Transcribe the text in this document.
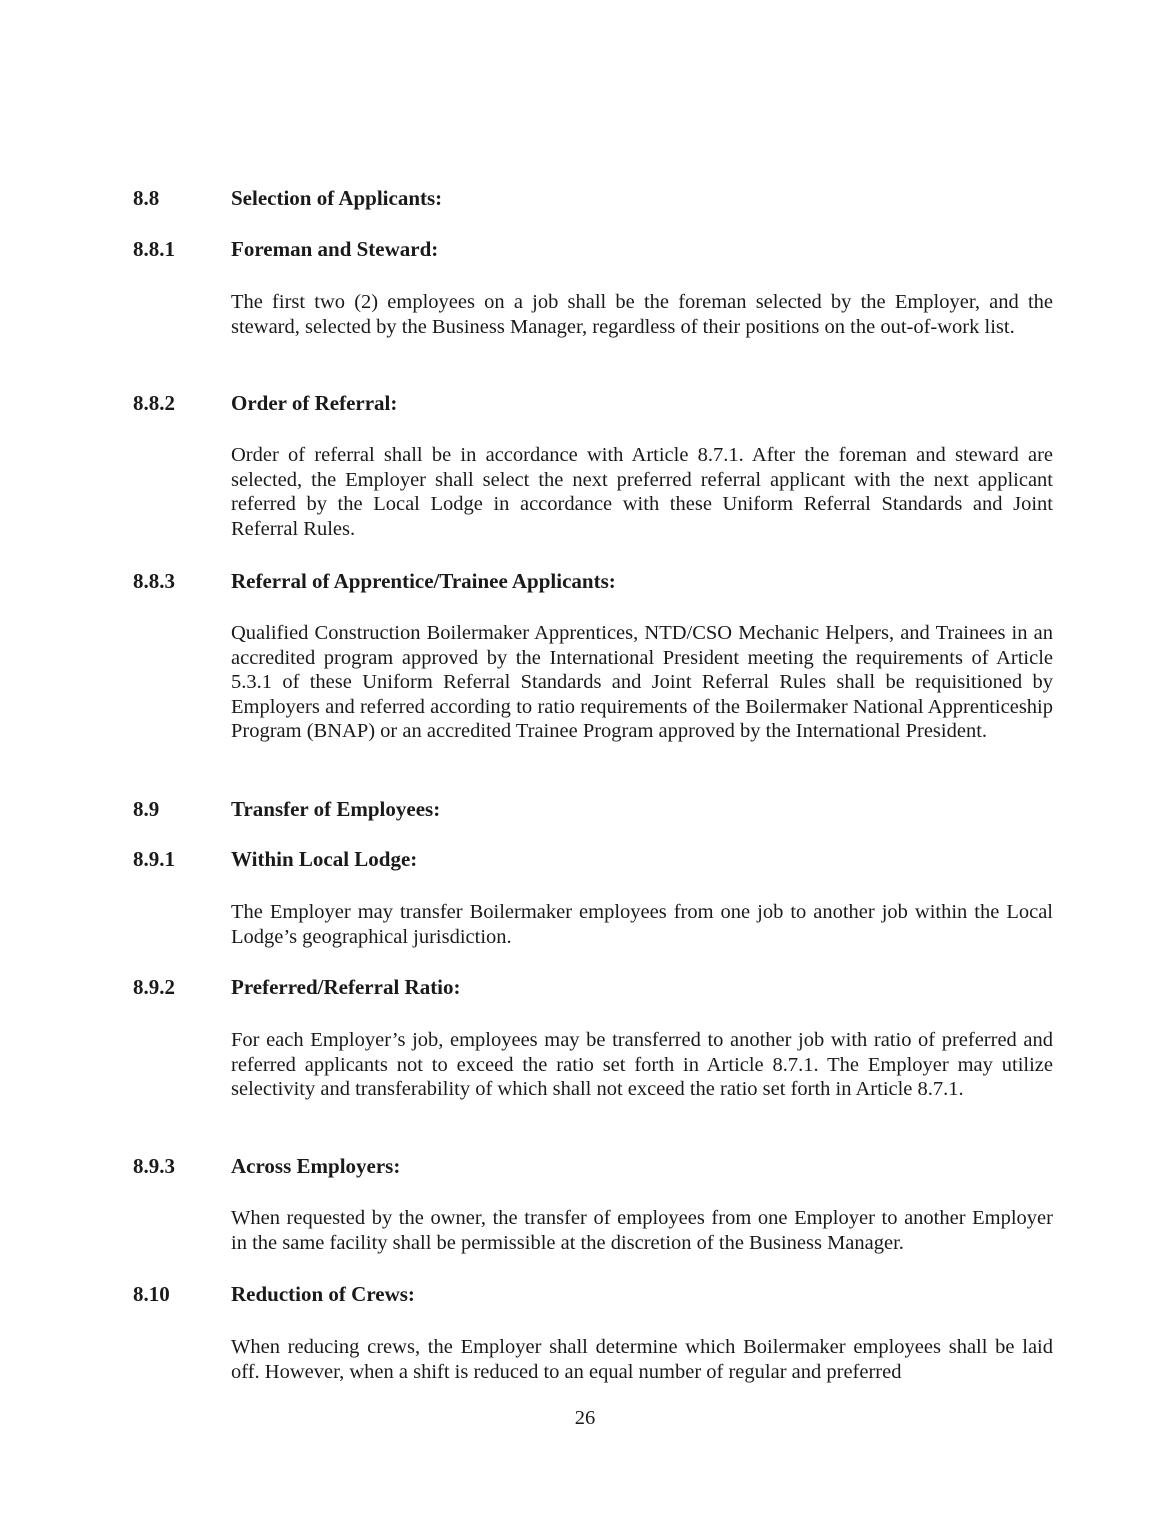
8.8	Selection of Applicants:
8.8.1	Foreman and Steward:

The first two (2) employees on a job shall be the foreman selected by the Employer, and the steward, selected by the Business Manager, regardless of their positions on the out-of-work list.

8.8.2	Order of Referral:

Order of referral shall be in accordance with Article 8.7.1. After the foreman and steward are selected, the Employer shall select the next preferred referral applicant with the next applicant referred by the Local Lodge in accordance with these Uniform Referral Standards and Joint Referral Rules.

8.8.3	Referral of Apprentice/Trainee Applicants:

Qualified Construction Boilermaker Apprentices, NTD/CSO Mechanic Helpers, and Trainees in an accredited program approved by the International President meeting the requirements of Article 5.3.1 of these Uniform Referral Standards and Joint Referral Rules shall be requisitioned by Employers and referred according to ratio requirements of the Boilermaker National Apprenticeship Program (BNAP) or an accredited Trainee Program approved by the International President.

8.9	Transfer of Employees:
8.9.1	Within Local Lodge:

The Employer may transfer Boilermaker employees from one job to another job within the Local Lodge’s geographical jurisdiction.

8.9.2	Preferred/Referral Ratio:

For each Employer’s job, employees may be transferred to another job with ratio of preferred and referred applicants not to exceed the ratio set forth in Article 8.7.1. The Employer may utilize selectivity and transferability of which shall not exceed the ratio set forth in Article 8.7.1.

8.9.3	Across Employers:

When requested by the owner, the transfer of employees from one Employer to another Employer in the same facility shall be permissible at the discretion of the Business Manager.

8.10	Reduction of Crews:

When reducing crews, the Employer shall determine which Boilermaker employees shall be laid off. However, when a shift is reduced to an equal number of regular and preferred

26
